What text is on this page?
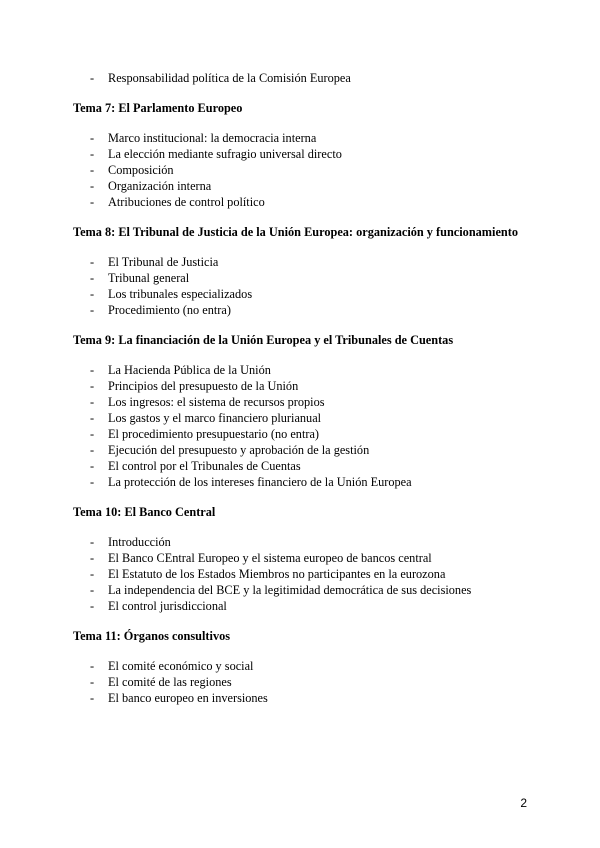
- Responsabilidad política de la Comisión Europea
Tema 7: El Parlamento Europeo
- Marco institucional: la democracia interna
- La elección mediante sufragio universal directo
- Composición
- Organización interna
- Atribuciones de control político
Tema 8: El Tribunal de Justicia de la Unión Europea: organización y funcionamiento
- El Tribunal de Justicia
- Tribunal general
- Los tribunales especializados
- Procedimiento (no entra)
Tema 9: La financiación de la Unión Europea y el Tribunales de Cuentas
- La Hacienda Pública de la Unión
- Principios del presupuesto de la Unión
- Los ingresos: el sistema de recursos propios
- Los gastos y el marco financiero plurianual
- El procedimiento presupuestario (no entra)
- Ejecución del presupuesto y aprobación de la gestión
- El control por el Tribunales de Cuentas
- La protección de los intereses financiero de la Unión Europea
Tema 10: El Banco Central
- Introducción
- El Banco CEntral Europeo y el sistema europeo de bancos central
- El Estatuto de los Estados Miembros no participantes en la eurozona
- La independencia del BCE y la legitimidad democrática de sus decisiones
- El control jurisdiccional
Tema 11: Órganos consultivos
- El comité económico y social
- El comité de las regiones
- El banco europeo en inversiones
2
